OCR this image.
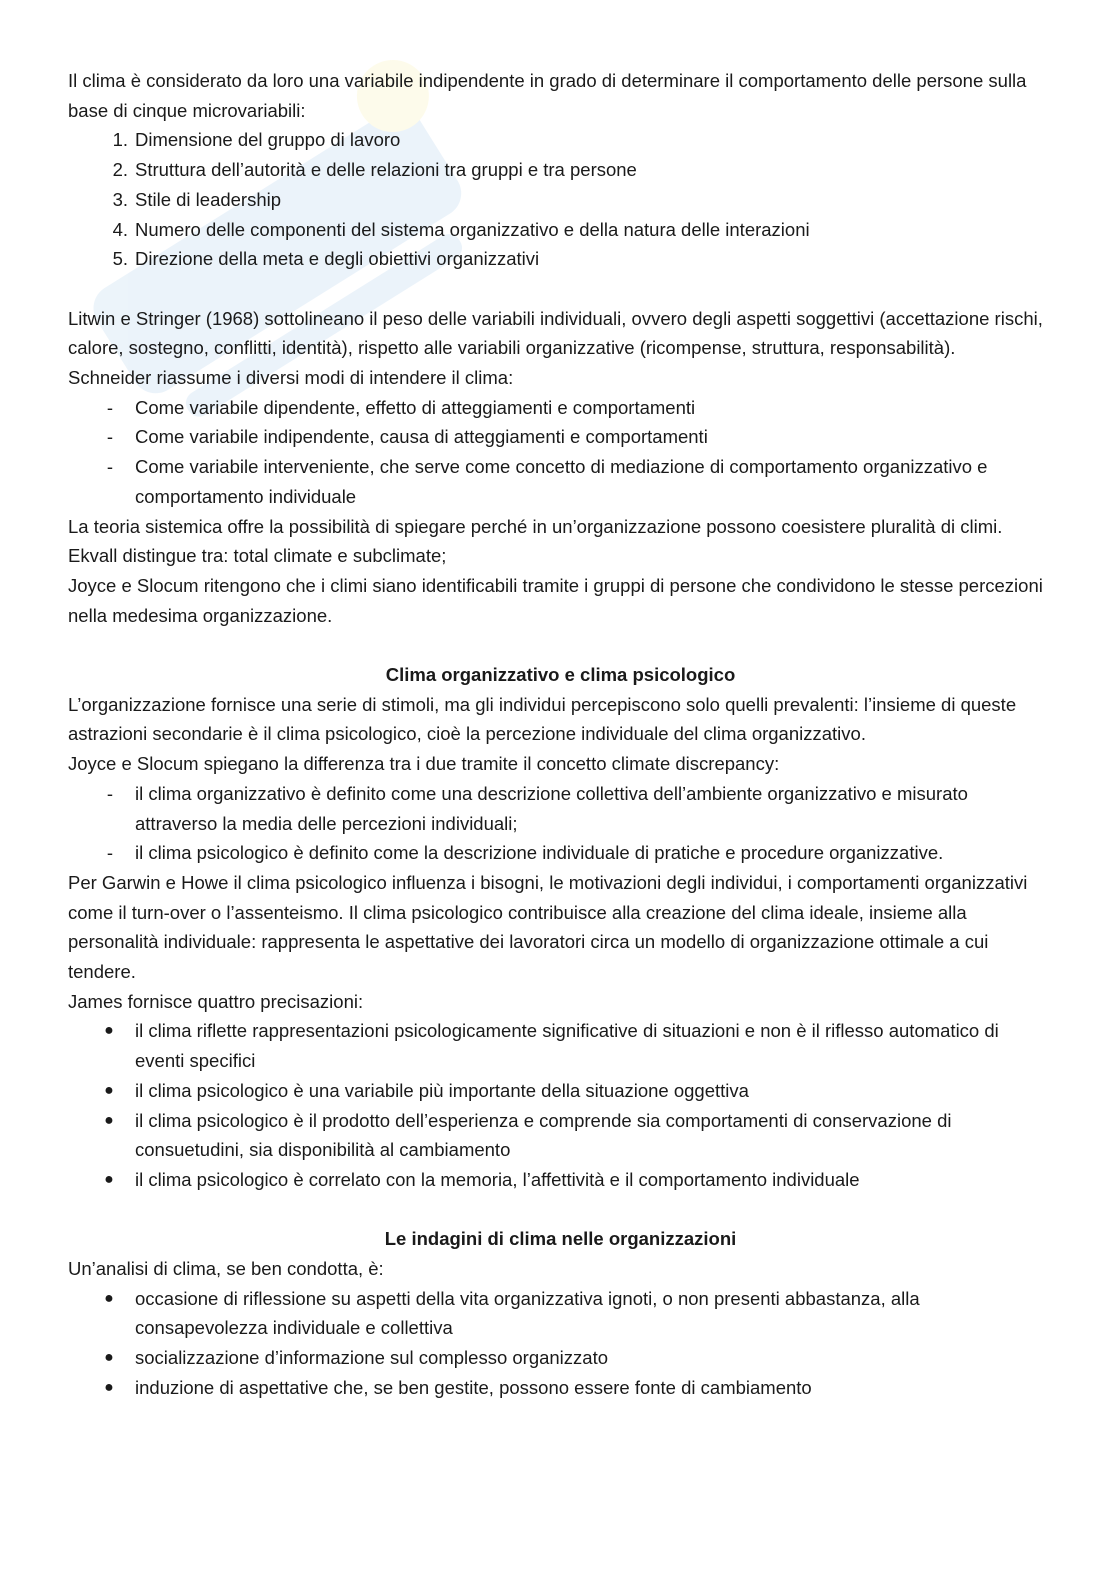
Il clima è considerato da loro una variabile indipendente in grado di determinare il comportamento delle persone sulla base di cinque microvariabili:

1. Dimensione del gruppo di lavoro
2. Struttura dell’autorità e delle relazioni tra gruppi e tra persone
3. Stile di leadership
4. Numero delle componenti del sistema organizzativo e della natura delle interazioni
5. Direzione della meta e degli obiettivi organizzativi

Litwin e Stringer (1968) sottolineano il peso delle variabili individuali, ovvero degli aspetti soggettivi (accettazione rischi, calore, sostegno, conflitti, identità), rispetto alle variabili organizzative (ricompense, struttura, responsabilità).

Schneider riassume i diversi modi di intendere il clima:

- Come variabile dipendente, effetto di atteggiamenti e comportamenti
- Come variabile indipendente, causa di atteggiamenti e comportamenti
- Come variabile interveniente, che serve come concetto di mediazione di comportamento organizzativo e comportamento individuale

La teoria sistemica offre la possibilità di spiegare perché in un’organizzazione possono coesistere pluralità di climi.

Ekvall distingue tra: total climate e subclimate;

Joyce e Slocum ritengono che i climi siano identificabili tramite i gruppi di persone che condividono le stesse percezioni nella medesima organizzazione.

Clima organizzativo e clima psicologico

L’organizzazione fornisce una serie di stimoli, ma gli individui percepiscono solo quelli prevalenti: l’insieme di queste astrazioni secondarie è il clima psicologico, cioè la percezione individuale del clima organizzativo.

Joyce e Slocum spiegano la differenza tra i due tramite il concetto climate discrepancy:

- il clima organizzativo è definito come una descrizione collettiva dell’ambiente organizzativo e misurato attraverso la media delle percezioni individuali;
- il clima psicologico è definito come la descrizione individuale di pratiche e procedure organizzative.

Per Garwin e Howe il clima psicologico influenza i bisogni, le motivazioni degli individui, i comportamenti organizzativi come il turn-over o l’assenteismo. Il clima psicologico contribuisce alla creazione del clima ideale, insieme alla personalità individuale: rappresenta le aspettative dei lavoratori circa un modello di organizzazione ottimale a cui tendere.

James fornisce quattro precisazioni:

● il clima riflette rappresentazioni psicologicamente significative di situazioni e non è il riflesso automatico di eventi specifici
● il clima psicologico è una variabile più importante della situazione oggettiva
● il clima psicologico è il prodotto dell’esperienza e comprende sia comportamenti di conservazione di consuetudini, sia disponibilità al cambiamento
● il clima psicologico è correlato con la memoria, l’affettività e il comportamento individuale

Le indagini di clima nelle organizzazioni

Un’analisi di clima, se ben condotta, è:

● occasione di riflessione su aspetti della vita organizzativa ignoti, o non presenti abbastanza, alla consapevolezza individuale e collettiva
● socializzazione d’informazione sul complesso organizzato
● induzione di aspettative che, se ben gestite, possono essere fonte di cambiamento
